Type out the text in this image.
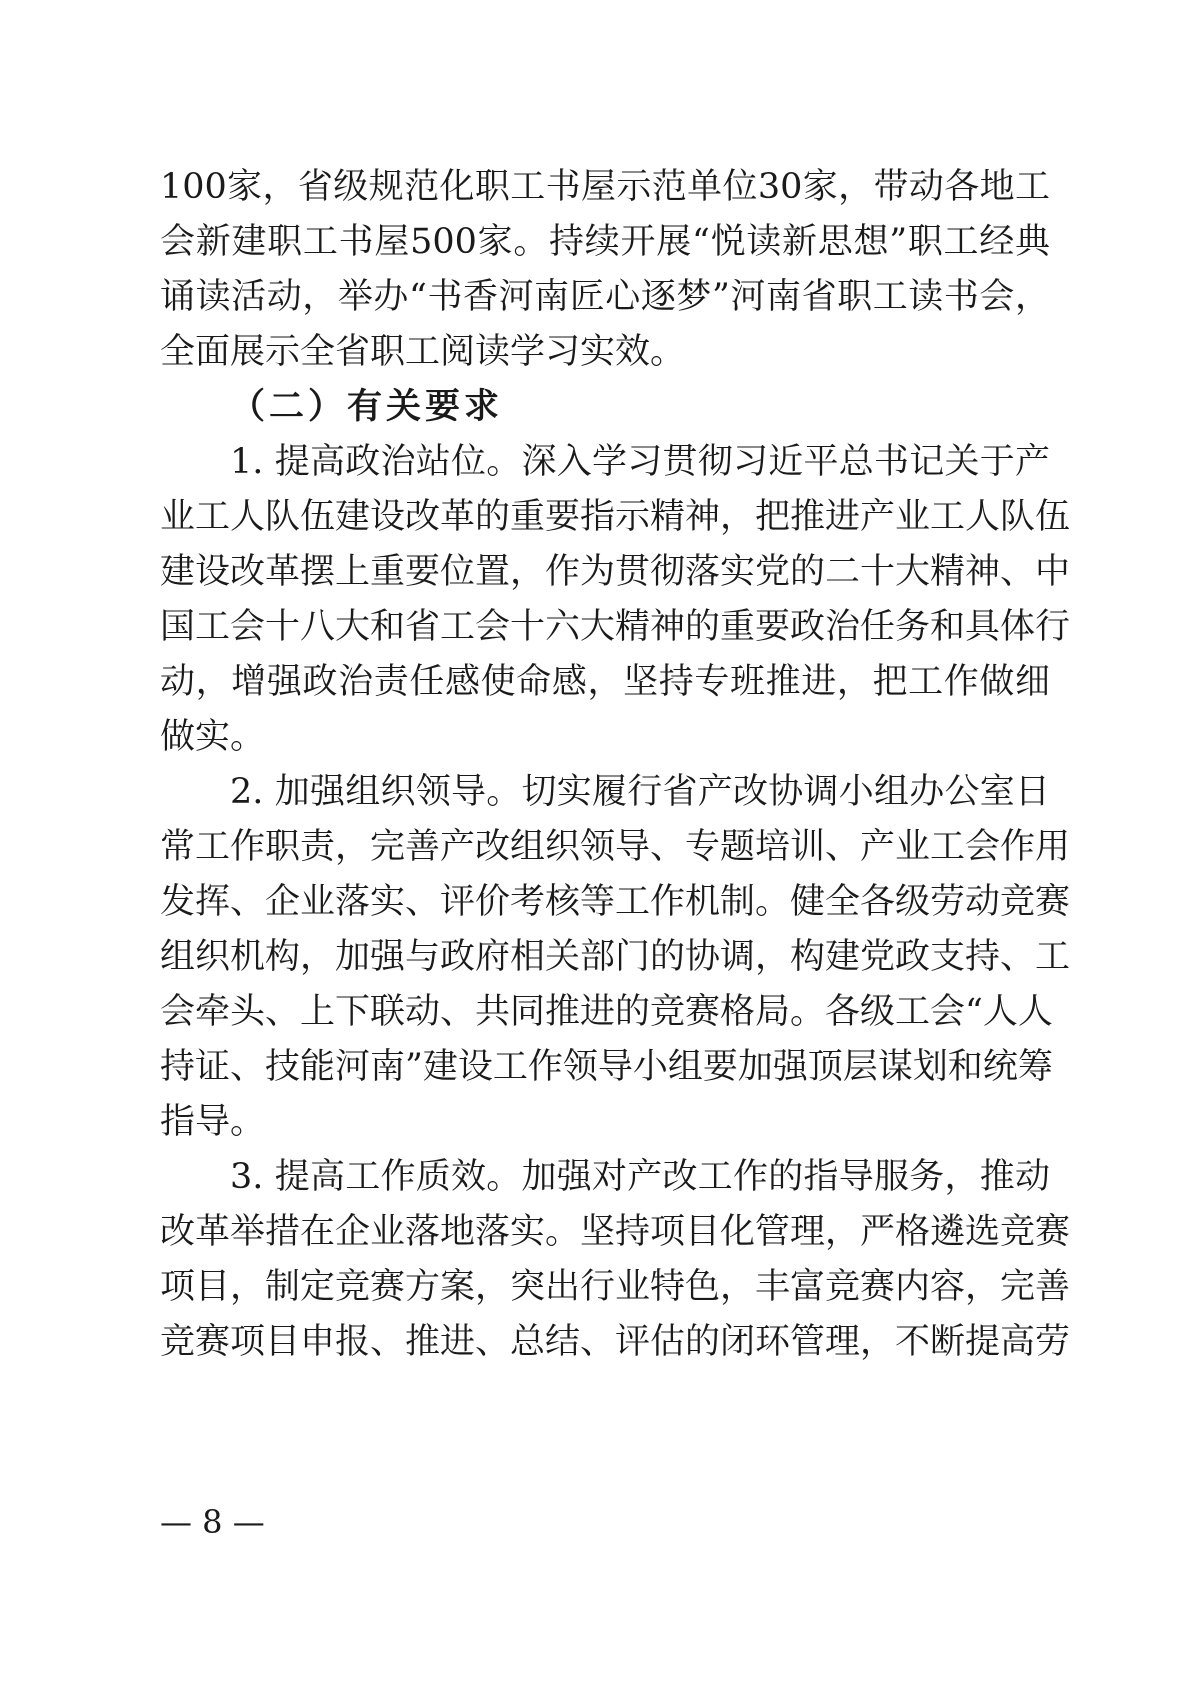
100家，省级规范化职工书屋示范单位30家，带动各地工
会新建职工书屋500家。持续开展“悦读新思想”职工经典
诵读活动，举办“书香河南匠心逐梦”河南省职工读书会，
全面展示全省职工阅读学习实效。
（二）有关要求
1. 提高政治站位。深入学习贯彻习近平总书记关于产
业工人队伍建设改革的重要指示精神，把推进产业工人队伍
建设改革摆上重要位置，作为贯彻落实党的二十大精神、中
国工会十八大和省工会十六大精神的重要政治任务和具体行
动，增强政治责任感使命感，坚持专班推进，把工作做细
做实。
2. 加强组织领导。切实履行省产改协调小组办公室日
常工作职责，完善产改组织领导、专题培训、产业工会作用
发挥、企业落实、评价考核等工作机制。健全各级劳动竞赛
组织机构，加强与政府相关部门的协调，构建党政支持、工
会牵头、上下联动、共同推进的竞赛格局。各级工会“人人
持证、技能河南”建设工作领导小组要加强顶层谋划和统筹
指导。
3. 提高工作质效。加强对产改工作的指导服务，推动
改革举措在企业落地落实。坚持项目化管理，严格遴选竞赛
项目，制定竞赛方案，突出行业特色，丰富竞赛内容，完善
竞赛项目申报、推进、总结、评估的闭环管理，不断提高劳
— 8 —
